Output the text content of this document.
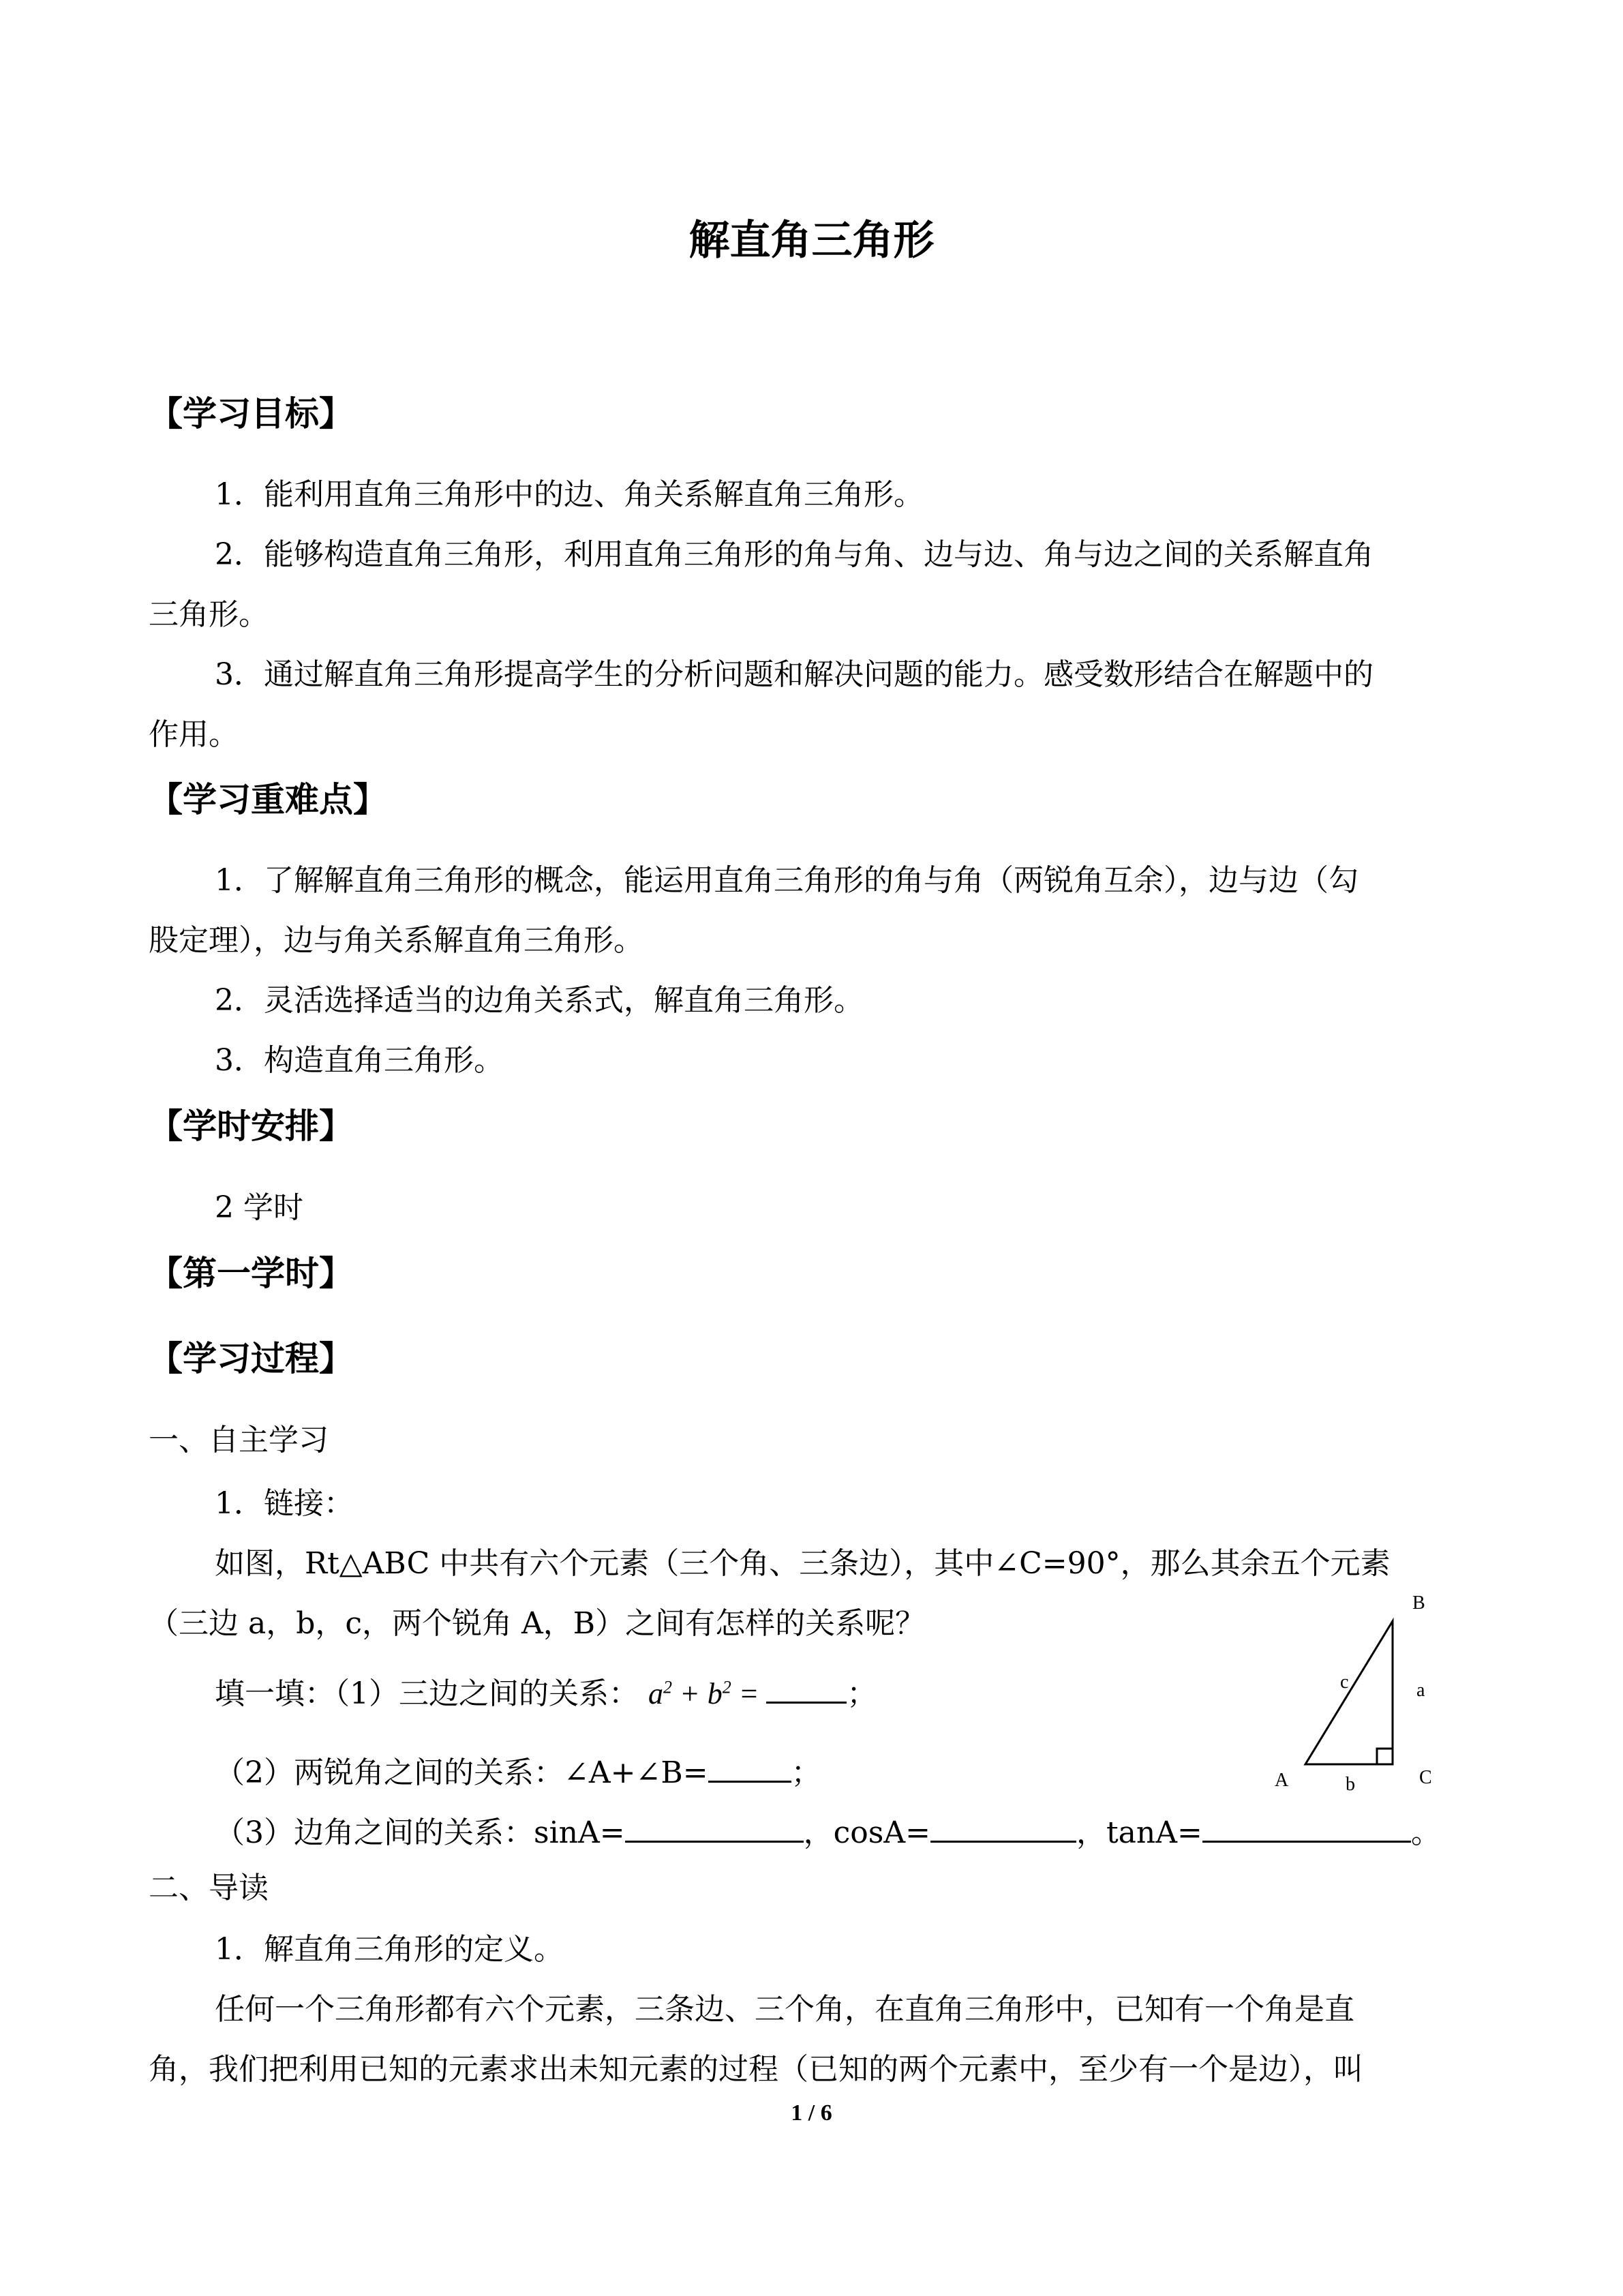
解直角三角形
【学习目标】

1．能利用直角三角形中的边、角关系解直角三角形。

2．能够构造直角三角形，利用直角三角形的角与角、边与边、角与边之间的关系解直角

三角形。

3．通过解直角三角形提高学生的分析问题和解决问题的能力。感受数形结合在解题中的

作用。

【学习重难点】

1．了解解直角三角形的概念，能运用直角三角形的角与角（两锐角互余），边与边（勾

股定理），边与角关系解直角三角形。

2．灵活选择适当的边角关系式，解直角三角形。

3．构造直角三角形。

【学时安排】

2 学时

【第一学时】
【学习过程】

一、自主学习

1．链接：

如图，Rt△ABC 中共有六个元素（三个角、三条边），其中∠C=90°，那么其余五个元素

（三边 a，b，c，两个锐角 A，B）之间有怎样的关系呢？

填一填：（1）三边之间的关系： $a^2 + b^2$ =	；

（2）两锐角之间的关系：∠A+∠B=	；

（3）边角之间的关系：sinA=	，cosA=	，tanA=	。

二、导读

1．解直角三角形的定义。

任何一个三角形都有六个元素，三条边、三个角，在直角三角形中，已知有一个角是直

角，我们把利用已知的元素求出未知元素的过程（已知的两个元素中，至少有一个是边），叫

B
c	a
A	b	C
1 / 6
